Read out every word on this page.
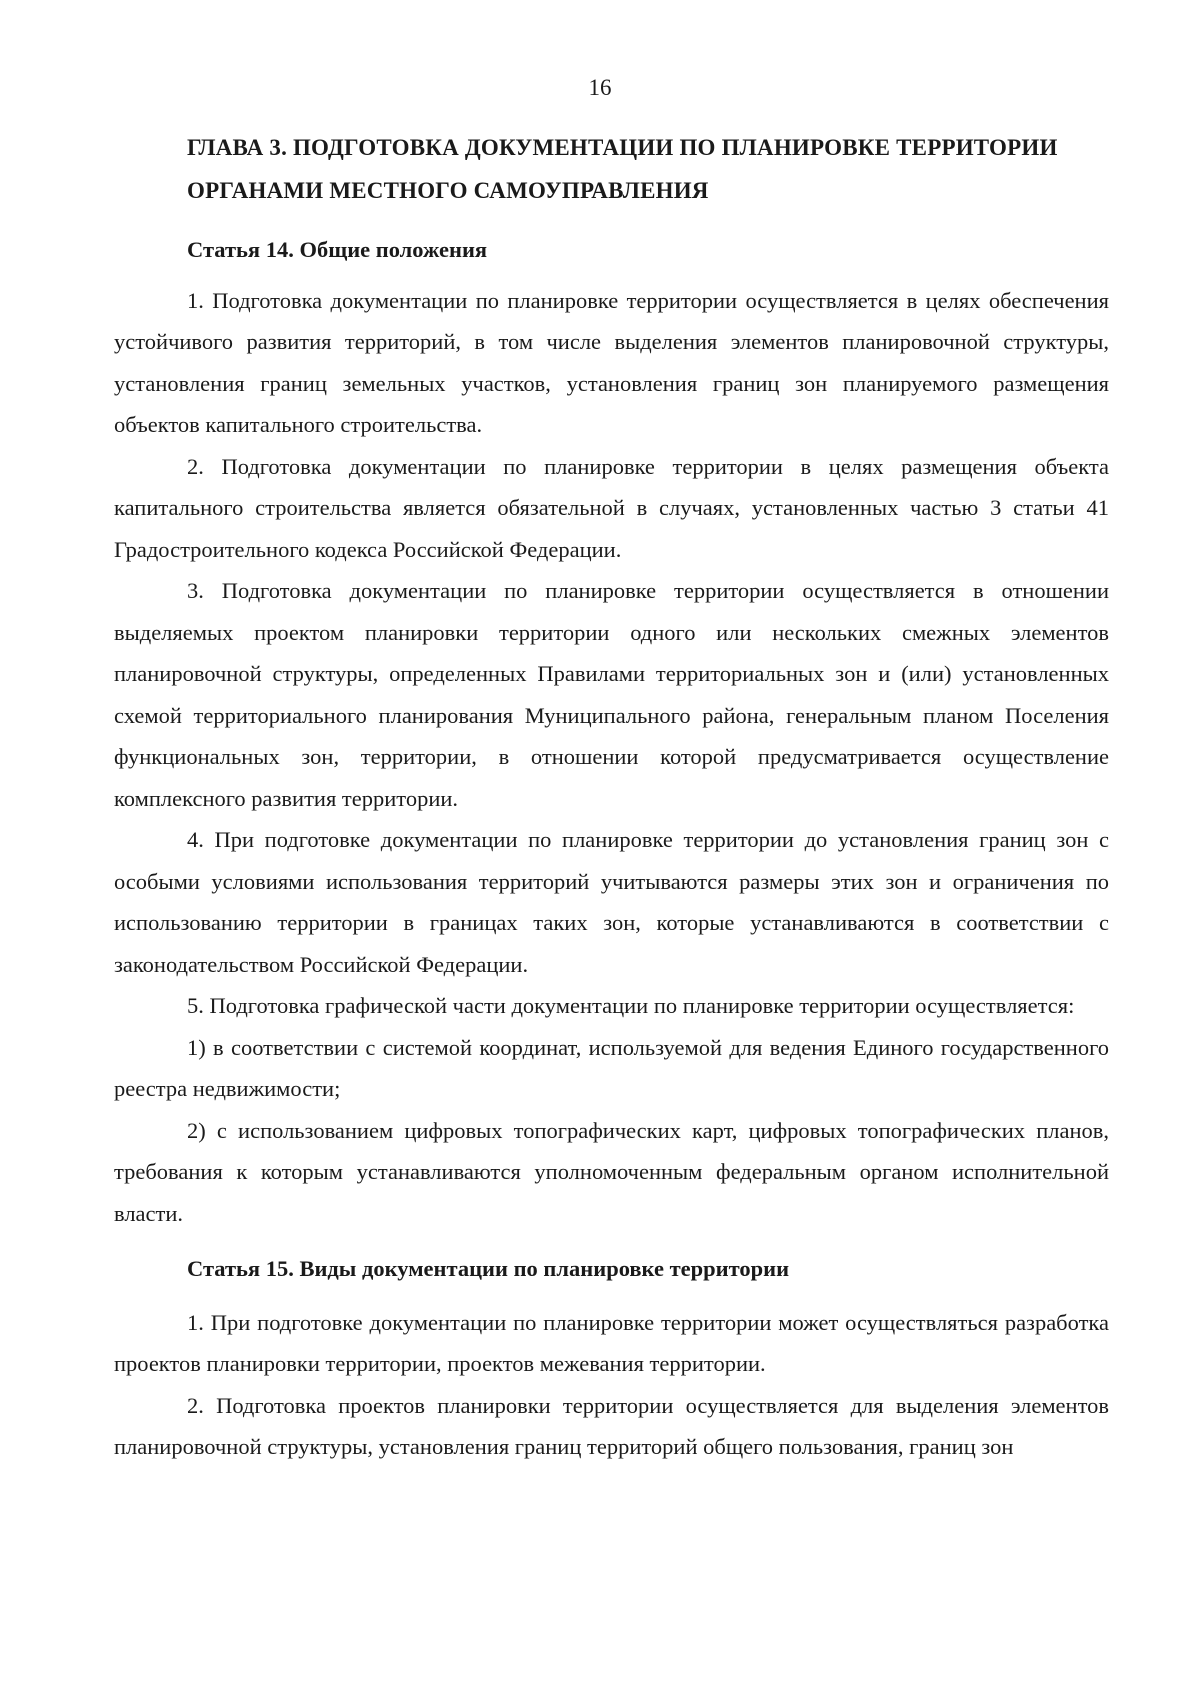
16
ГЛАВА 3. ПОДГОТОВКА ДОКУМЕНТАЦИИ ПО ПЛАНИРОВКЕ ТЕРРИТОРИИ ОРГАНАМИ МЕСТНОГО САМОУПРАВЛЕНИЯ
Статья 14. Общие положения

1. Подготовка документации по планировке территории осуществляется в целях обеспечения устойчивого развития территорий, в том числе выделения элементов планировочной структуры, установления границ земельных участков, установления границ зон планируемого размещения объектов капитального строительства.

2. Подготовка документации по планировке территории в целях размещения объекта капитального строительства является обязательной в случаях, установленных частью 3 статьи 41 Градостроительного кодекса Российской Федерации.

3. Подготовка документации по планировке территории осуществляется в отношении выделяемых проектом планировки территории одного или нескольких смежных элементов планировочной структуры, определенных Правилами территориальных зон и (или) установленных схемой территориального планирования Муниципального района, генеральным планом Поселения функциональных зон, территории, в отношении которой предусматривается осуществление комплексного развития территории.

4. При подготовке документации по планировке территории до установления границ зон с особыми условиями использования территорий учитываются размеры этих зон и ограничения по использованию территории в границах таких зон, которые устанавливаются в соответствии с законодательством Российской Федерации.

5. Подготовка графической части документации по планировке территории осуществляется:

1) в соответствии с системой координат, используемой для ведения Единого государственного реестра недвижимости;

2) с использованием цифровых топографических карт, цифровых топографических планов, требования к которым устанавливаются уполномоченным федеральным органом исполнительной власти.

Статья 15. Виды документации по планировке территории

1. При подготовке документации по планировке территории может осуществляться разработка проектов планировки территории, проектов межевания территории.

2. Подготовка проектов планировки территории осуществляется для выделения элементов планировочной структуры, установления границ территорий общего пользования, границ зон
